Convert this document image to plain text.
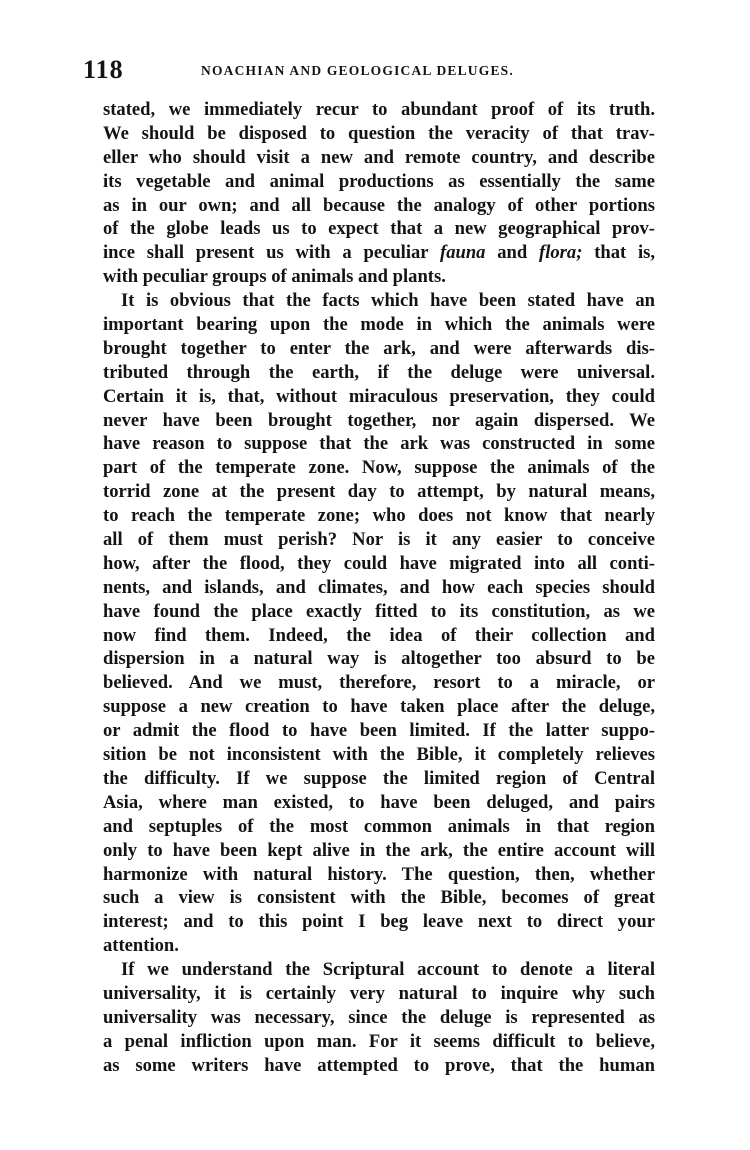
118	NOACHIAN AND GEOLOGICAL DELUGES.
stated, we immediately recur to abundant proof of its truth.
We should be disposed to question the veracity of that trav-
eller who should visit a new and remote country, and describe
its vegetable and animal productions as essentially the same
as in our own; and all because the analogy of other portions
of the globe leads us to expect that a new geographical prov-
ince shall present us with a peculiar fauna and flora; that is,
with peculiar groups of animals and plants.
It is obvious that the facts which have been stated have an
important bearing upon the mode in which the animals were
brought together to enter the ark, and were afterwards dis-
tributed through the earth, if the deluge were universal.
Certain it is, that, without miraculous preservation, they could
never have been brought together, nor again dispersed. We
have reason to suppose that the ark was constructed in some
part of the temperate zone. Now, suppose the animals of the
torrid zone at the present day to attempt, by natural means,
to reach the temperate zone; who does not know that nearly
all of them must perish? Nor is it any easier to conceive
how, after the flood, they could have migrated into all conti-
nents, and islands, and climates, and how each species should
have found the place exactly fitted to its constitution, as we
now find them. Indeed, the idea of their collection and
dispersion in a natural way is altogether too absurd to be
believed. And we must, therefore, resort to a miracle, or
suppose a new creation to have taken place after the deluge,
or admit the flood to have been limited. If the latter suppo-
sition be not inconsistent with the Bible, it completely relieves
the difficulty. If we suppose the limited region of Central
Asia, where man existed, to have been deluged, and pairs
and septuples of the most common animals in that region
only to have been kept alive in the ark, the entire account will
harmonize with natural history. The question, then, whether
such a view is consistent with the Bible, becomes of great
interest; and to this point I beg leave next to direct your
attention.
If we understand the Scriptural account to denote a literal
universality, it is certainly very natural to inquire why such
universality was necessary, since the deluge is represented as
a penal infliction upon man. For it seems difficult to believe,
as some writers have attempted to prove, that the human
